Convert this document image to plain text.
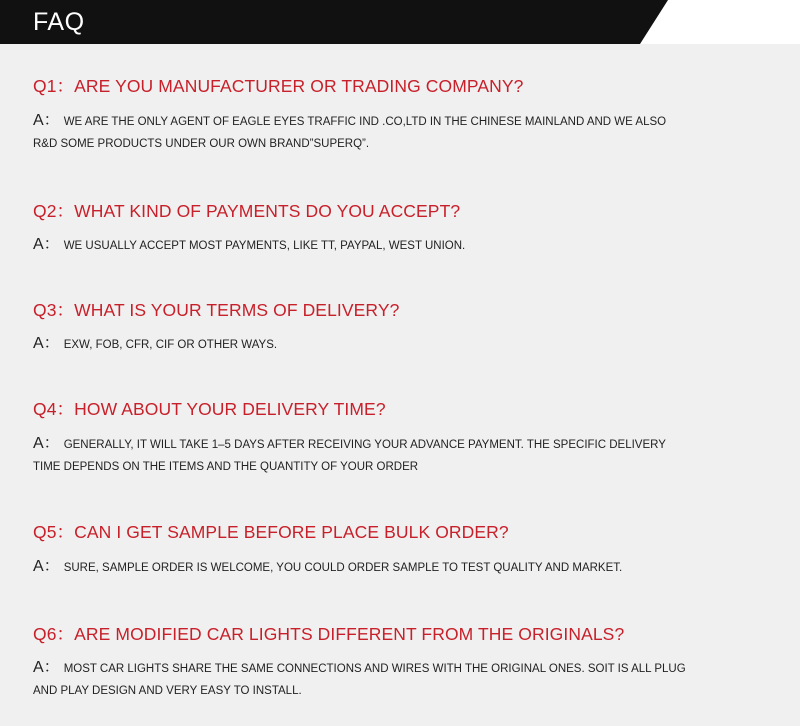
FAQ
Q1：ARE YOU MANUFACTURER OR TRADING COMPANY?
A： WE ARE THE ONLY AGENT OF EAGLE EYES TRAFFIC IND .CO,LTD IN THE CHINESE MAINLAND AND WE ALSO R&D SOME PRODUCTS UNDER OUR OWN BRAND”SUPERQ”.
Q2：WHAT KIND OF PAYMENTS DO YOU ACCEPT?
A： WE USUALLY ACCEPT MOST PAYMENTS, LIKE TT, PAYPAL, WEST UNION.
Q3：WHAT IS YOUR TERMS OF DELIVERY?
A： EXW, FOB, CFR, CIF OR OTHER WAYS.
Q4：HOW ABOUT YOUR DELIVERY TIME?
A： GENERALLY, IT WILL TAKE 1–5 DAYS AFTER RECEIVING YOUR ADVANCE PAYMENT. THE SPECIFIC DELIVERY TIME DEPENDS ON THE ITEMS AND THE QUANTITY OF YOUR ORDER
Q5：CAN I GET SAMPLE BEFORE PLACE BULK ORDER?
A： SURE, SAMPLE ORDER IS WELCOME, YOU COULD ORDER SAMPLE TO TEST QUALITY AND MARKET.
Q6：ARE MODIFIED CAR LIGHTS DIFFERENT FROM THE ORIGINALS?
A： MOST CAR LIGHTS SHARE THE SAME CONNECTIONS AND WIRES WITH THE ORIGINAL ONES. SOIT IS ALL PLUG AND PLAY DESIGN AND VERY EASY TO INSTALL.
